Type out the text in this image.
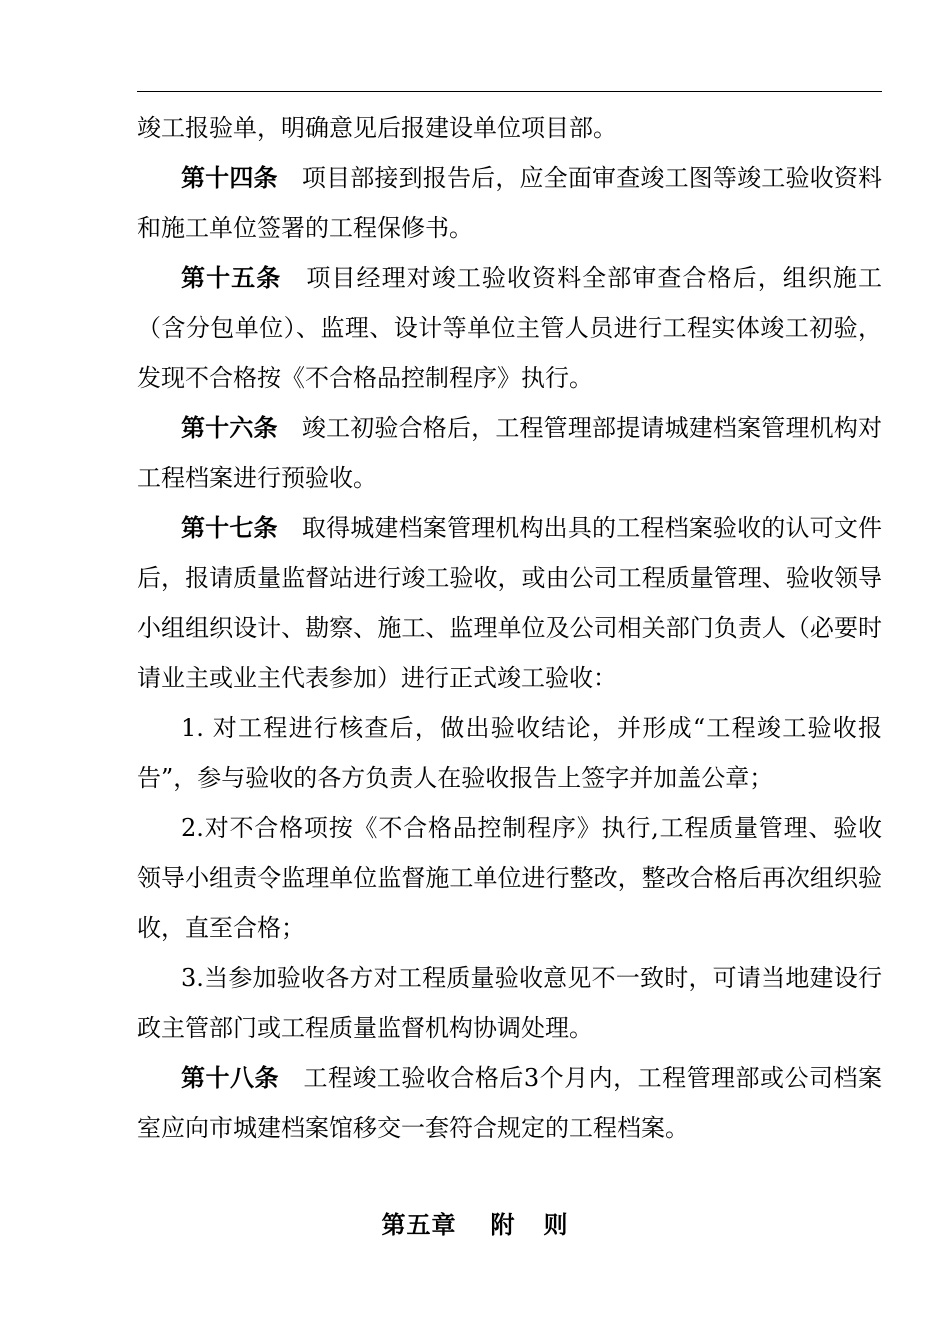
竣工报验单，明确意见后报建设单位项目部。

第十四条 项目部接到报告后，应全面审查竣工图等竣工验收资料和施工单位签署的工程保修书。

第十五条 项目经理对竣工验收资料全部审查合格后，组织施工（含分包单位）、监理、设计等单位主管人员进行工程实体竣工初验，发现不合格按《不合格品控制程序》执行。

第十六条 竣工初验合格后，工程管理部提请城建档案管理机构对工程档案进行预验收。

第十七条 取得城建档案管理机构出具的工程档案验收的认可文件后，报请质量监督站进行竣工验收，或由公司工程质量管理、验收领导小组组织设计、勘察、施工、监理单位及公司相关部门负责人（必要时请业主或业主代表参加）进行正式竣工验收：

1. 对工程进行核查后，做出验收结论，并形成“工程竣工验收报告”，参与验收的各方负责人在验收报告上签字并加盖公章；

2.对不合格项按《不合格品控制程序》执行,工程质量管理、验收领导小组责令监理单位监督施工单位进行整改，整改合格后再次组织验收，直至合格；

3.当参加验收各方对工程质量验收意见不一致时，可请当地建设行政主管部门或工程质量监督机构协调处理。

第十八条 工程竣工验收合格后3个月内，工程管理部或公司档案室应向市城建档案馆移交一套符合规定的工程档案。

第五章 附 则
